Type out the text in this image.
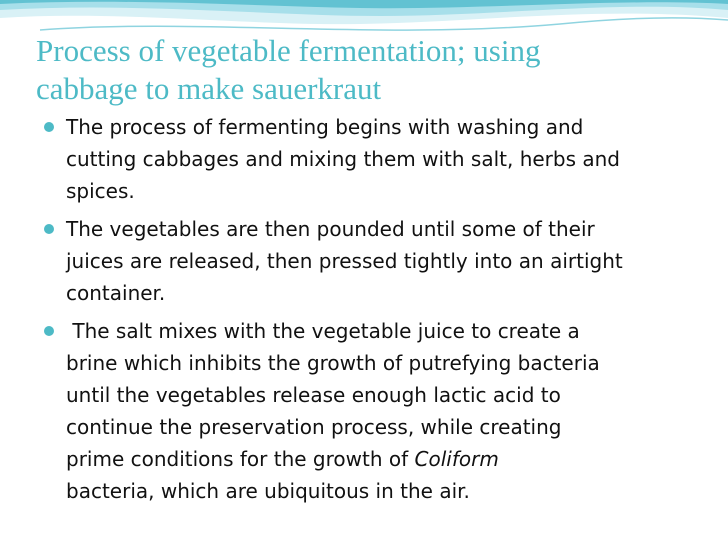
Process of vegetable fermentation; using
cabbage to make sauerkraut
The process of fermenting begins with washing and
cutting cabbages and mixing them with salt, herbs and
spices.
The vegetables are then pounded until some of their
juices are released, then pressed tightly into an airtight
container.
The salt mixes with the vegetable juice to create a
brine which inhibits the growth of putrefying bacteria
until the vegetables release enough lactic acid to
continue the preservation process, while creating
prime conditions for the growth of Coliform
bacteria, which are ubiquitous in the air.
